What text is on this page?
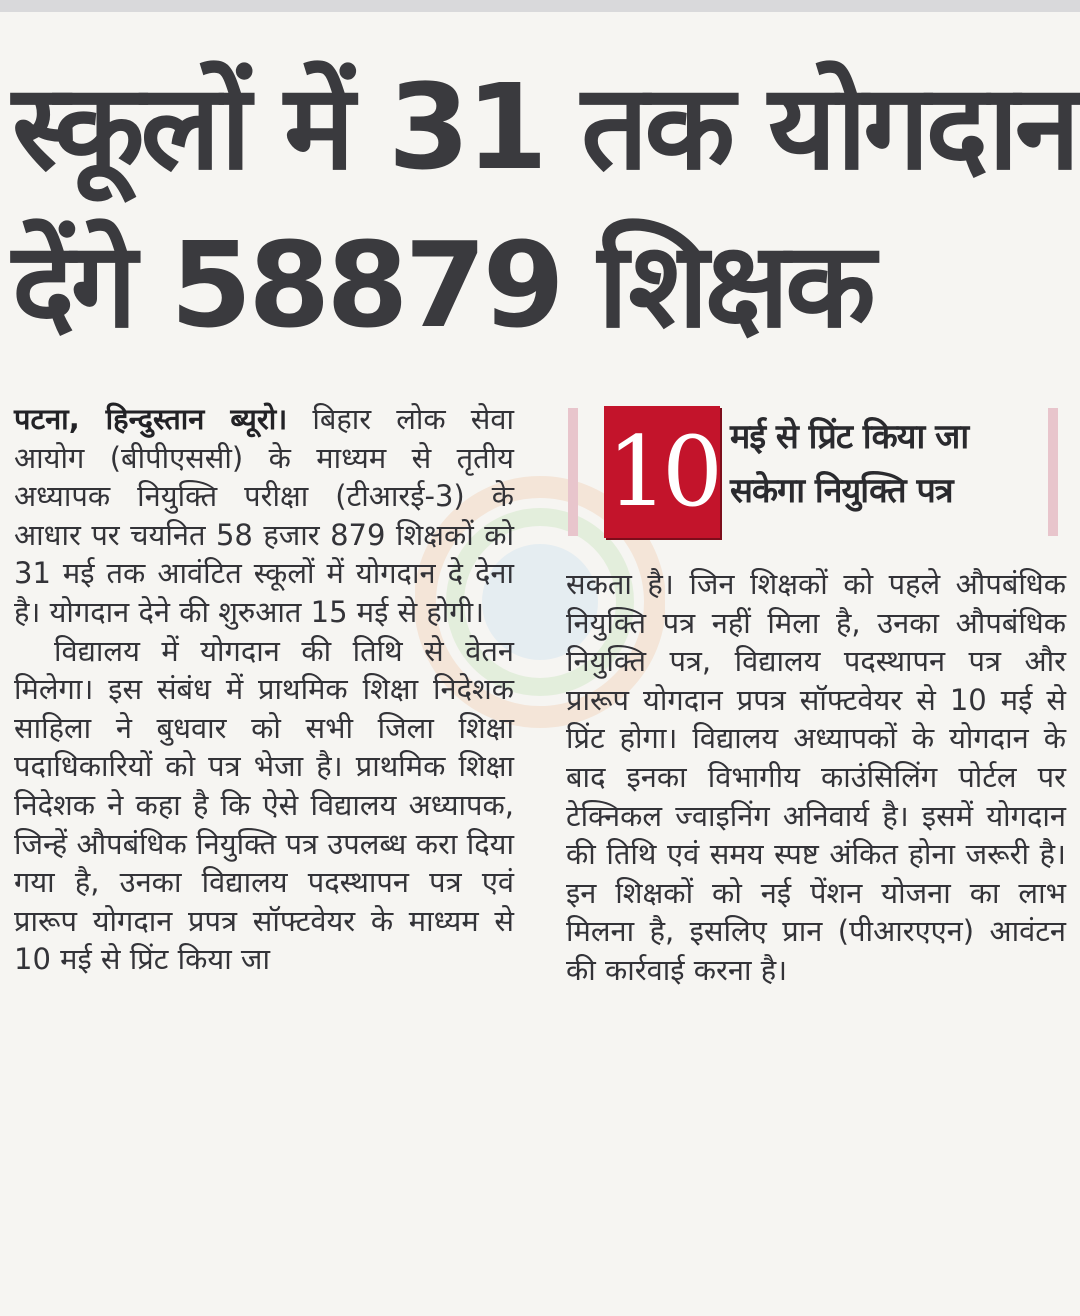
स्कूलों में 31 तक योगदान
देंगे 58879 शिक्षक

पटना, हिन्दुस्तान ब्यूरो। बिहार लोक सेवा आयोग (बीपीएससी) के माध्यम से तृतीय अध्यापक नियुक्ति परीक्षा (टीआरई-3) के आधार पर चयनित 58 हजार 879 शिक्षकों को 31 मई तक आवंटित स्कूलों में योगदान दे देना है। योगदान देने की शुरुआत 15 मई से होगी।

विद्यालय में योगदान की तिथि से वेतन मिलेगा। इस संबंध में प्राथमिक शिक्षा निदेशक साहिला ने बुधवार को सभी जिला शिक्षा पदाधिकारियों को पत्र भेजा है। प्राथमिक शिक्षा निदेशक ने कहा है कि ऐसे विद्यालय अध्यापक, जिन्हें औपबंधिक नियुक्ति पत्र उपलब्ध करा दिया गया है, उनका विद्यालय पदस्थापन पत्र एवं प्रारूप योगदान प्रपत्र सॉफ्टवेयर के माध्यम से 10 मई से प्रिंट किया जा

10 मई से प्रिंट किया जा
सकेगा नियुक्ति पत्र

सकता है। जिन शिक्षकों को पहले औपबंधिक नियुक्ति पत्र नहीं मिला है, उनका औपबंधिक नियुक्ति पत्र, विद्यालय पदस्थापन पत्र और प्रारूप योगदान प्रपत्र सॉफ्टवेयर से 10 मई से प्रिंट होगा। विद्यालय अध्यापकों के योगदान के बाद इनका विभागीय काउंसिलिंग पोर्टल पर टेक्निकल ज्वाइनिंग अनिवार्य है। इसमें योगदान की तिथि एवं समय स्पष्ट अंकित होना जरूरी है। इन शिक्षकों को नई पेंशन योजना का लाभ मिलना है, इसलिए प्रान (पीआरएएन) आवंटन की कार्रवाई करना है।
